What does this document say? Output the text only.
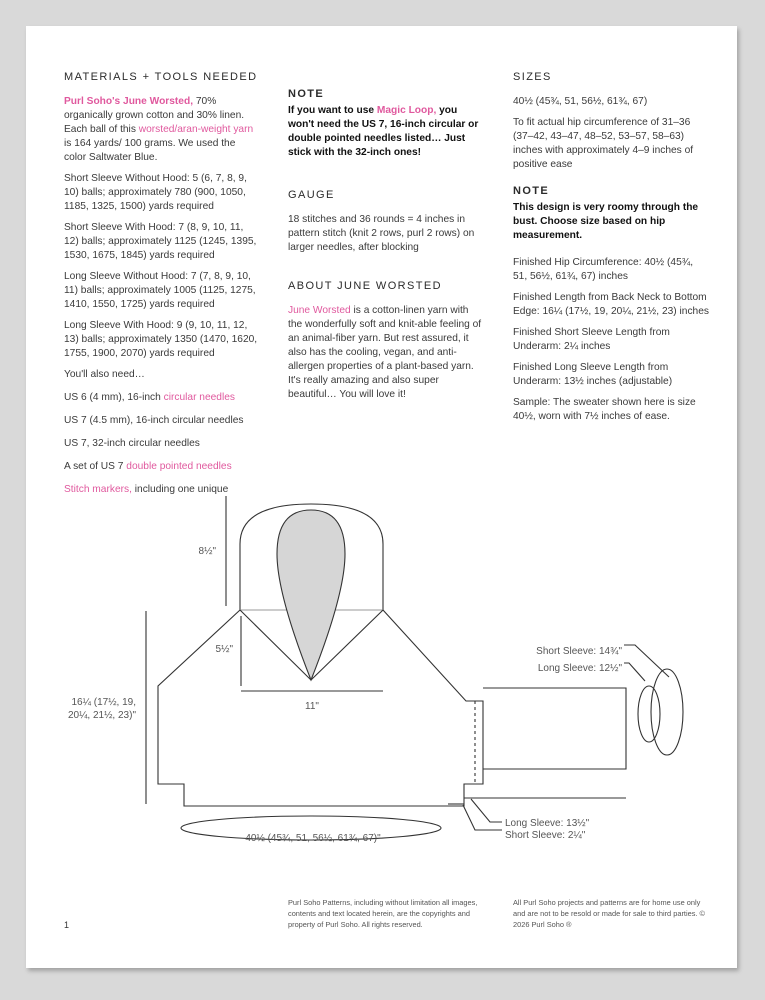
MATERIALS + TOOLS NEEDED

Purl Soho's June Worsted, 70% organically grown cotton and 30% linen. Each ball of this worsted/aran-weight yarn is 164 yards/ 100 grams. We used the color Saltwater Blue.

Short Sleeve Without Hood: 5 (6, 7, 8, 9, 10) balls; approximately 780 (900, 1050, 1185, 1325, 1500) yards required

Short Sleeve With Hood: 7 (8, 9, 10, 11, 12) balls; approximately 1125 (1245, 1395, 1530, 1675, 1845) yards required

Long Sleeve Without Hood: 7 (7, 8, 9, 10, 11) balls; approximately 1005 (1125, 1275, 1410, 1550, 1725) yards required

Long Sleeve With Hood: 9 (9, 10, 11, 12, 13) balls; approximately 1350 (1470, 1620, 1755, 1900, 2070) yards required

You'll also need…

US 6 (4 mm), 16-inch circular needles

US 7 (4.5 mm), 16-inch circular needles

US 7, 32-inch circular needles

A set of US 7 double pointed needles

Stitch markers, including one unique

NOTE

If you want to use Magic Loop, you won't need the US 7, 16-inch circular or double pointed needles listed… Just stick with the 32-inch ones!

GAUGE

18 stitches and 36 rounds = 4 inches in pattern stitch (knit 2 rows, purl 2 rows) on larger needles, after blocking

ABOUT JUNE WORSTED

June Worsted is a cotton-linen yarn with the wonderfully soft and knit-able feeling of an animal-fiber yarn. But rest assured, it also has the cooling, vegan, and anti-allergen properties of a plant-based yarn. It's really amazing and also super beautiful… You will love it!

SIZES

40½ (45¾, 51, 56½, 61¾, 67)

To fit actual hip circumference of 31–36 (37–42, 43–47, 48–52, 53–57, 58–63) inches with approximately 4–9 inches of positive ease

NOTE

This design is very roomy through the bust. Choose size based on hip measurement.

Finished Hip Circumference: 40½ (45¾, 51, 56½, 61¾, 67) inches

Finished Length from Back Neck to Bottom Edge: 16¼ (17½, 19, 20¼, 21½, 23) inches

Finished Short Sleeve Length from Underarm: 2¼ inches

Finished Long Sleeve Length from Underarm: 13½ inches (adjustable)

Sample: The sweater shown here is size 40½, worn with 7½ inches of ease.

8½"
5½"
11"
16¼ (17½, 19,
20¼, 21½, 23)"
40½ (45¾, 51, 56½, 61¾, 67)"
Short Sleeve: 14¾"
Long Sleeve: 12½"
Long Sleeve: 13½"
Short Sleeve: 2¼"
1
Purl Soho Patterns, including without limitation all images, contents and text located herein, are the copyrights and property of Purl Soho. All rights reserved.
All Purl Soho projects and patterns are for home use only and are not to be resold or made for sale to third parties. © 2026 Purl Soho ®
